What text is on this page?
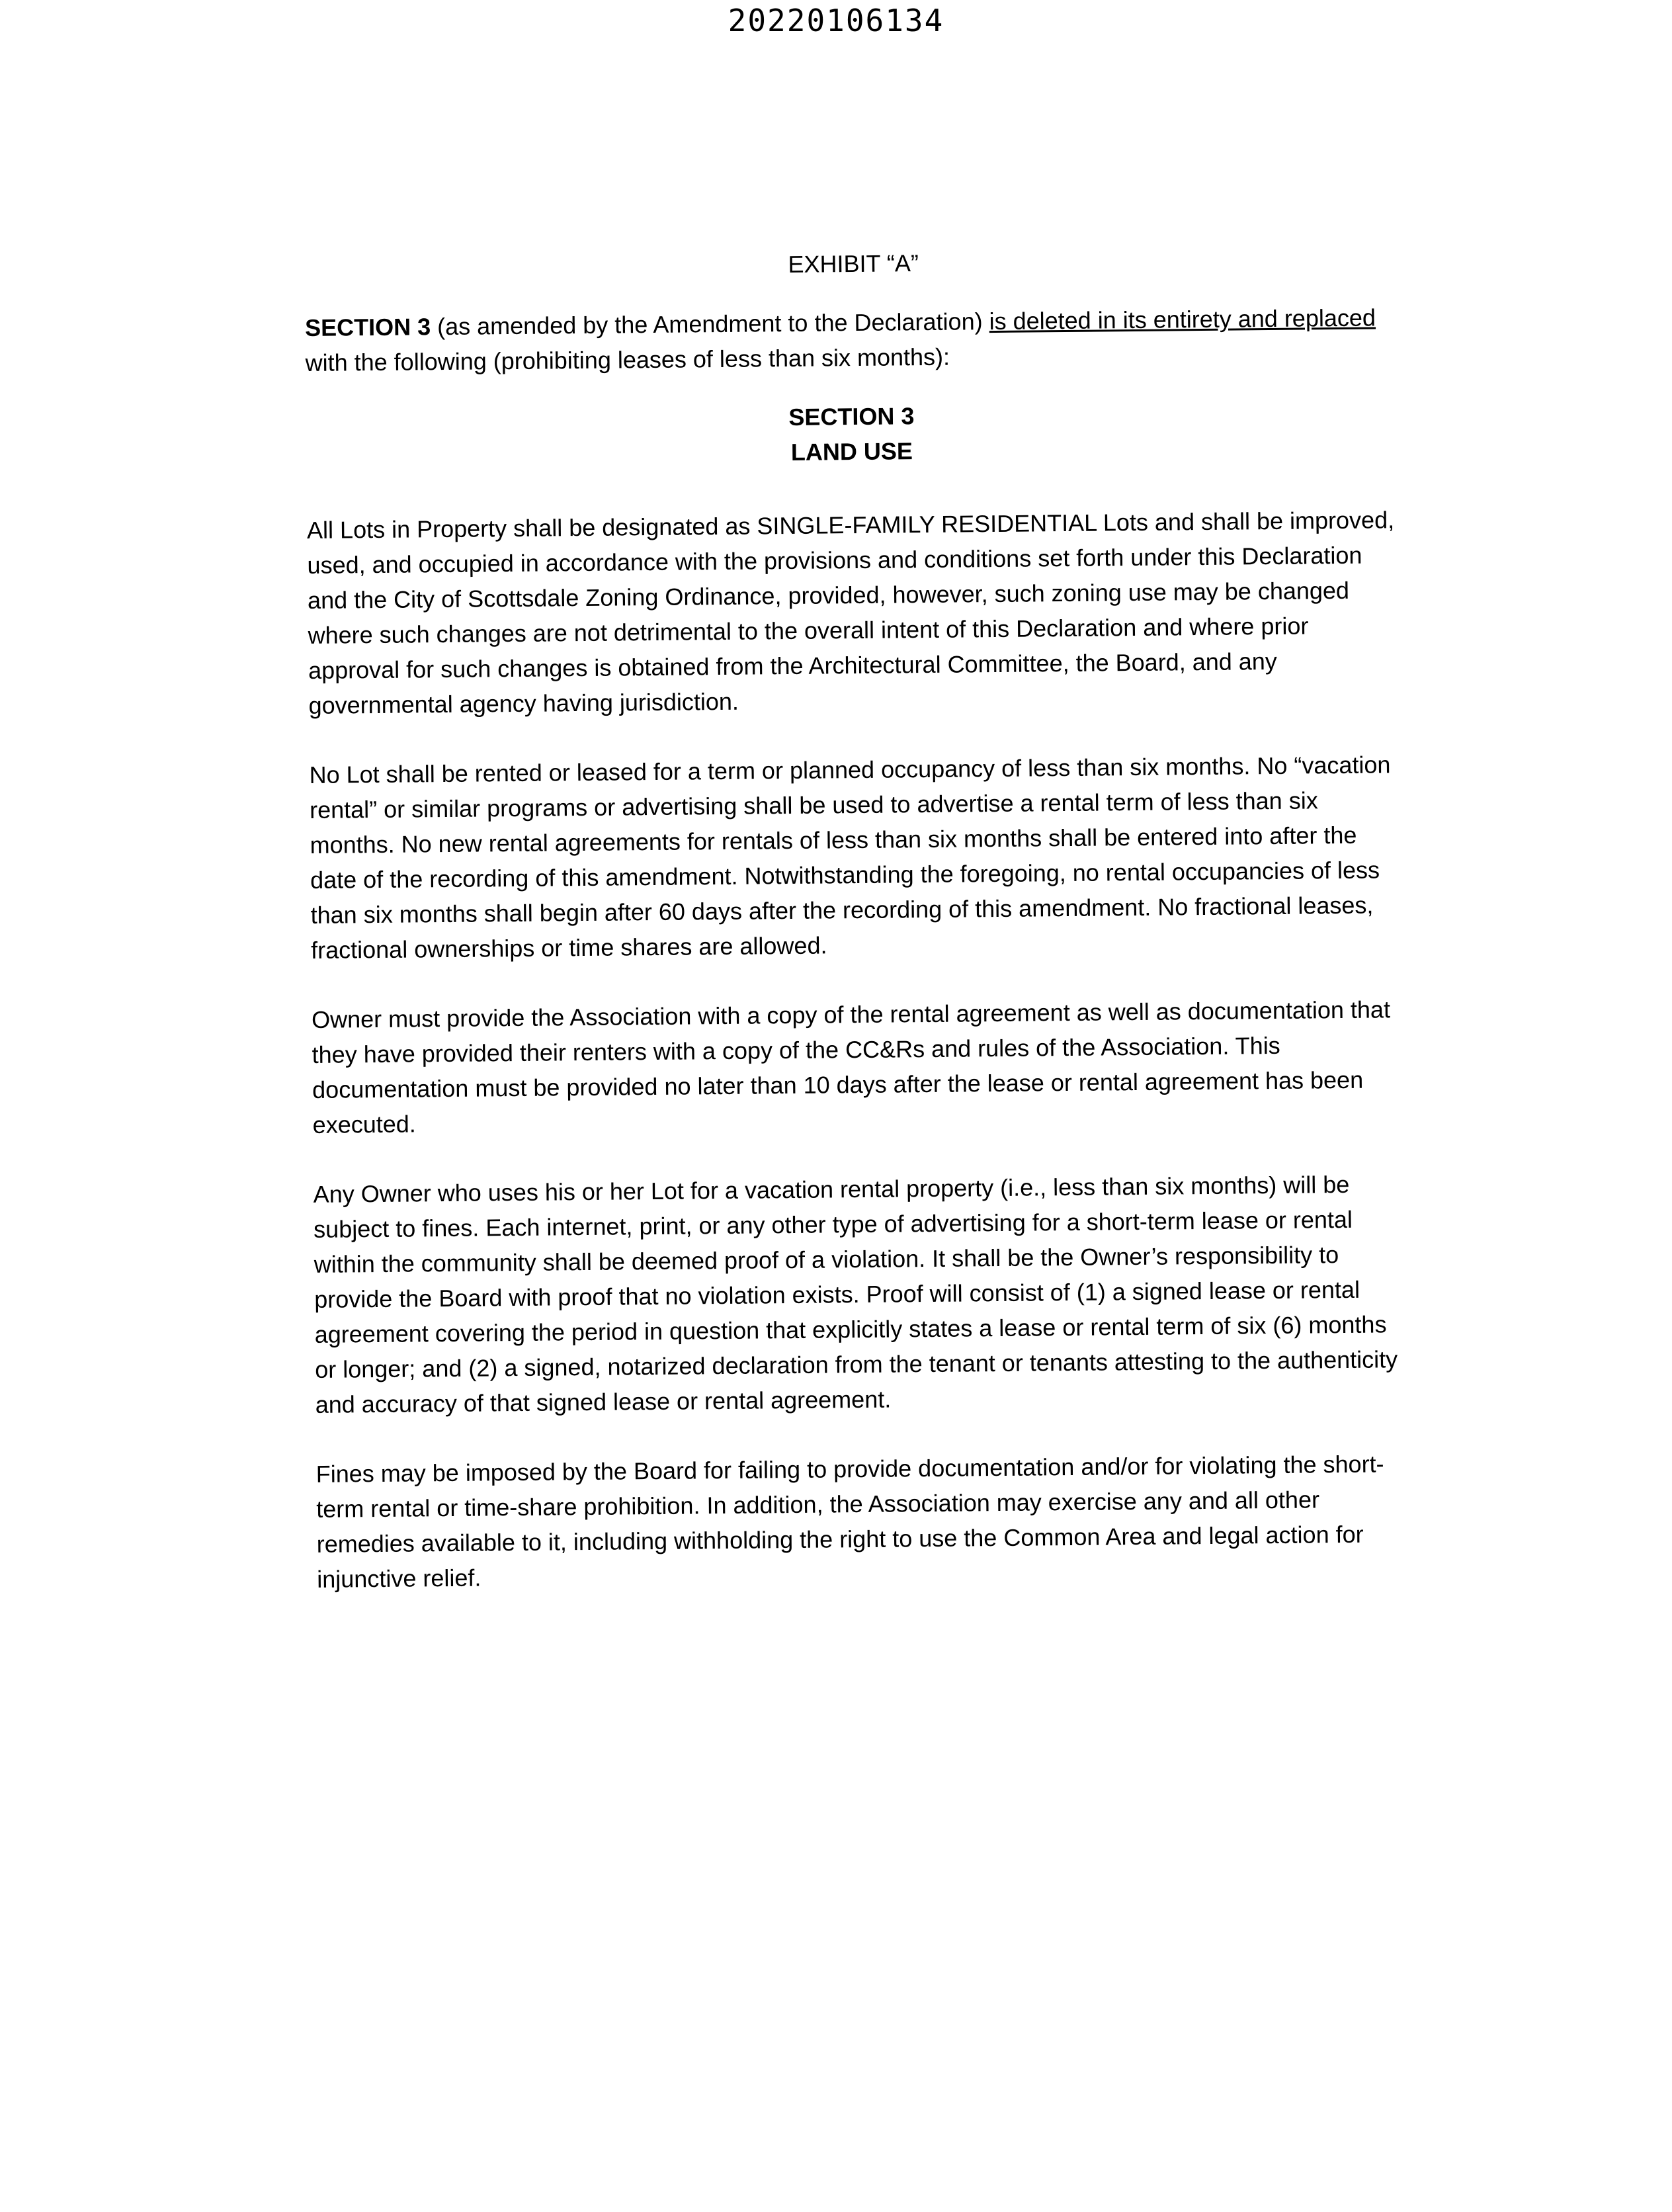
20220106134
EXHIBIT “A”
SECTION 3 (as amended by the Amendment to the Declaration) is deleted in its entirety and replaced with the following (prohibiting leases of less than six months):
SECTION 3
LAND USE

All Lots in Property shall be designated as SINGLE-FAMILY RESIDENTIAL Lots and shall be improved, used, and occupied in accordance with the provisions and conditions set forth under this Declaration and the City of Scottsdale Zoning Ordinance, provided, however, such zoning use may be changed where such changes are not detrimental to the overall intent of this Declaration and where prior approval for such changes is obtained from the Architectural Committee, the Board, and any governmental agency having jurisdiction.

No Lot shall be rented or leased for a term or planned occupancy of less than six months. No “vacation rental” or similar programs or advertising shall be used to advertise a rental term of less than six months. No new rental agreements for rentals of less than six months shall be entered into after the date of the recording of this amendment. Notwithstanding the foregoing, no rental occupancies of less than six months shall begin after 60 days after the recording of this amendment. No fractional leases, fractional ownerships or time shares are allowed.

Owner must provide the Association with a copy of the rental agreement as well as documentation that they have provided their renters with a copy of the CC&Rs and rules of the Association. This documentation must be provided no later than 10 days after the lease or rental agreement has been executed.

Any Owner who uses his or her Lot for a vacation rental property (i.e., less than six months) will be subject to fines. Each internet, print, or any other type of advertising for a short-term lease or rental within the community shall be deemed proof of a violation. It shall be the Owner’s responsibility to provide the Board with proof that no violation exists. Proof will consist of (1) a signed lease or rental agreement covering the period in question that explicitly states a lease or rental term of six (6) months or longer; and (2) a signed, notarized declaration from the tenant or tenants attesting to the authenticity and accuracy of that signed lease or rental agreement.

Fines may be imposed by the Board for failing to provide documentation and/or for violating the short-term rental or time-share prohibition. In addition, the Association may exercise any and all other remedies available to it, including withholding the right to use the Common Area and legal action for injunctive relief.
